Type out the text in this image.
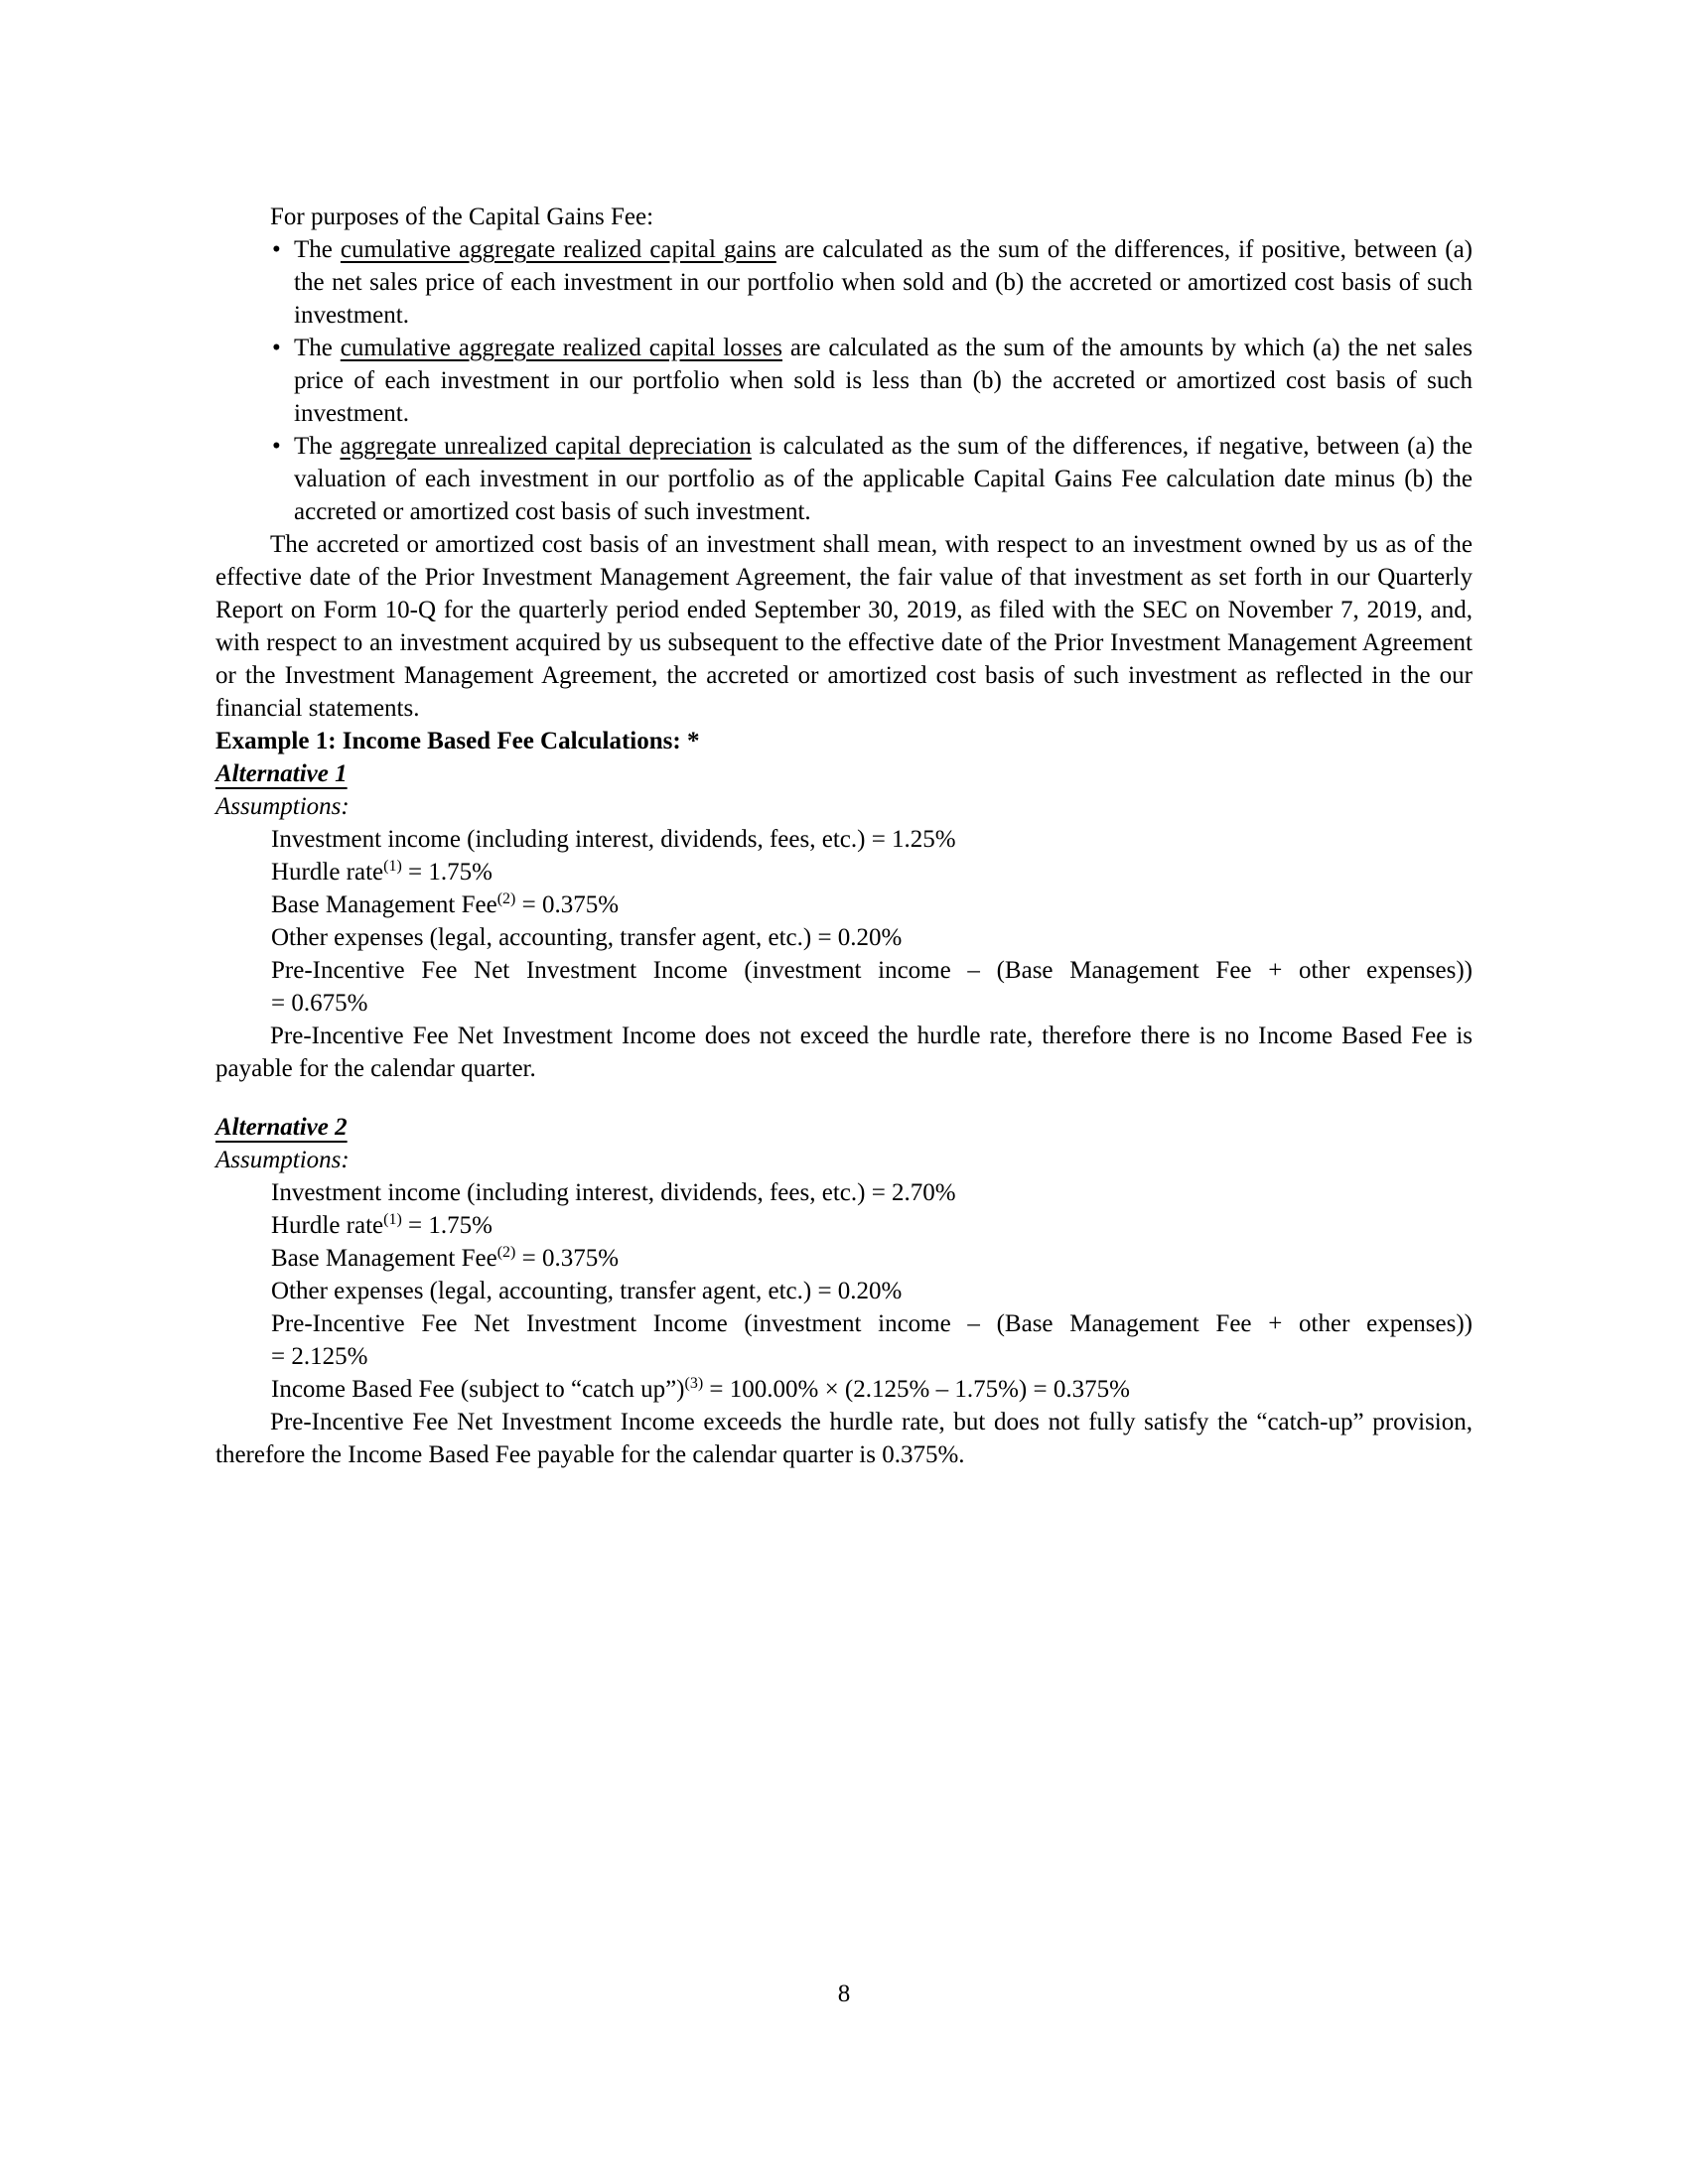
For purposes of the Capital Gains Fee:

• The cumulative aggregate realized capital gains are calculated as the sum of the differences, if positive, between (a) the net sales price of each investment in our portfolio when sold and (b) the accreted or amortized cost basis of such investment.
• The cumulative aggregate realized capital losses are calculated as the sum of the amounts by which (a) the net sales price of each investment in our portfolio when sold is less than (b) the accreted or amortized cost basis of such investment.
• The aggregate unrealized capital depreciation is calculated as the sum of the differences, if negative, between (a) the valuation of each investment in our portfolio as of the applicable Capital Gains Fee calculation date minus (b) the accreted or amortized cost basis of such investment.

The accreted or amortized cost basis of an investment shall mean, with respect to an investment owned by us as of the effective date of the Prior Investment Management Agreement, the fair value of that investment as set forth in our Quarterly Report on Form 10-Q for the quarterly period ended September 30, 2019, as filed with the SEC on November 7, 2019, and, with respect to an investment acquired by us subsequent to the effective date of the Prior Investment Management Agreement or the Investment Management Agreement, the accreted or amortized cost basis of such investment as reflected in the our financial statements.

Example 1: Income Based Fee Calculations: *

Alternative 1

Assumptions:

Investment income (including interest, dividends, fees, etc.) = 1.25%
Hurdle rate$^{(1)}$ = 1.75%
Base Management Fee$^{(2)}$ = 0.375%
Other expenses (legal, accounting, transfer agent, etc.) = 0.20%
Pre-Incentive Fee Net Investment Income (investment income – (Base Management Fee + other expenses))
= 0.675%

Pre-Incentive Fee Net Investment Income does not exceed the hurdle rate, therefore there is no Income Based Fee is payable for the calendar quarter.

Alternative 2

Assumptions:

Investment income (including interest, dividends, fees, etc.) = 2.70%
Hurdle rate$^{(1)}$ = 1.75%
Base Management Fee$^{(2)}$ = 0.375%
Other expenses (legal, accounting, transfer agent, etc.) = 0.20%
Pre-Incentive Fee Net Investment Income (investment income – (Base Management Fee + other expenses))
= 2.125%
Income Based Fee (subject to “catch up”)$^{(3)}$ = 100.00% × (2.125% – 1.75%) = 0.375%

Pre-Incentive Fee Net Investment Income exceeds the hurdle rate, but does not fully satisfy the “catch-up” provision, therefore the Income Based Fee payable for the calendar quarter is 0.375%.

8
